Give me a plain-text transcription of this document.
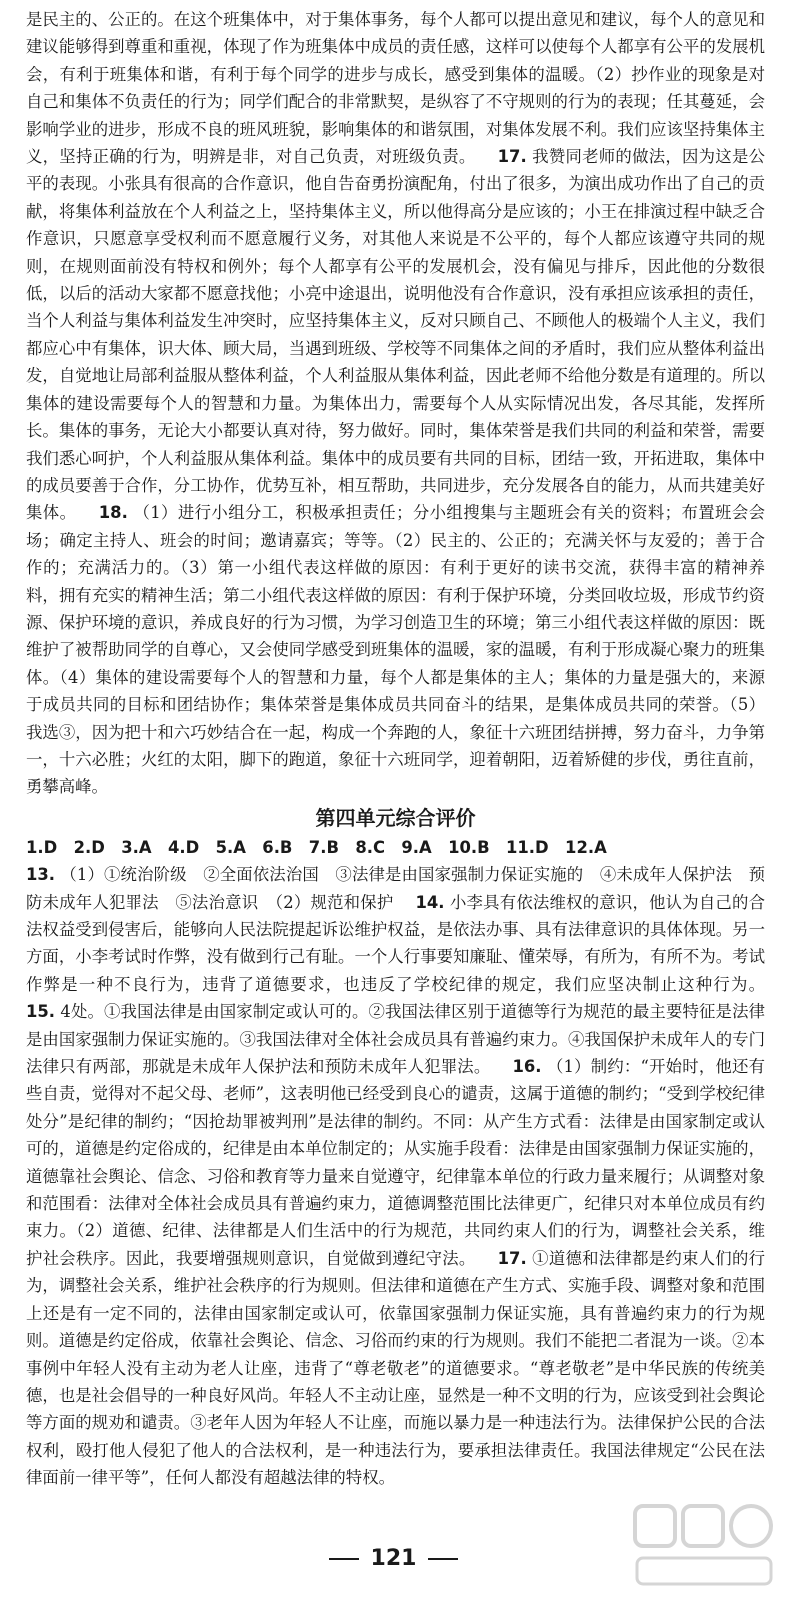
是民主的、公正的。在这个班集体中，对于集体事务，每个人都可以提出意见和建议，每个人的意见和建议能够得到尊重和重视，体现了作为班集体中成员的责任感，这样可以使每个人都享有公平的发展机会，有利于班集体和谐，有利于每个同学的进步与成长，感受到集体的温暖。（2）抄作业的现象是对自己和集体不负责任的行为；同学们配合的非常默契，是纵容了不守规则的行为的表现；任其蔓延，会影响学业的进步，形成不良的班风班貌，影响集体的和谐氛围，对集体发展不利。我们应该坚持集体主义，坚持正确的行为，明辨是非，对自己负责，对班级负责。 　 17. 我赞同老师的做法，因为这是公平的表现。小张具有很高的合作意识，他自告奋勇扮演配角，付出了很多，为演出成功作出了自己的贡献，将集体利益放在个人利益之上，坚持集体主义，所以他得高分是应该的；小王在排演过程中缺乏合作意识，只愿意享受权利而不愿意履行义务，对其他人来说是不公平的，每个人都应该遵守共同的规则，在规则面前没有特权和例外；每个人都享有公平的发展机会，没有偏见与排斥，因此他的分数很低，以后的活动大家都不愿意找他；小亮中途退出，说明他没有合作意识，没有承担应该承担的责任，当个人利益与集体利益发生冲突时，应坚持集体主义，反对只顾自己、不顾他人的极端个人主义，我们都应心中有集体，识大体、顾大局，当遇到班级、学校等不同集体之间的矛盾时，我们应从整体利益出发，自觉地让局部利益服从整体利益，个人利益服从集体利益，因此老师不给他分数是有道理的。所以集体的建设需要每个人的智慧和力量。为集体出力，需要每个人从实际情况出发，各尽其能，发挥所长。集体的事务，无论大小都要认真对待，努力做好。同时，集体荣誉是我们共同的利益和荣誉，需要我们悉心呵护，个人利益服从集体利益。集体中的成员要有共同的目标，团结一致，开拓进取，集体中的成员要善于合作，分工协作，优势互补，相互帮助，共同进步，充分发展各自的能力，从而共建美好集体。 　 18. （1）进行小组分工，积极承担责任；分小组搜集与主题班会有关的资料；布置班会会场；确定主持人、班会的时间；邀请嘉宾；等等。（2）民主的、公正的；充满关怀与友爱的；善于合作的；充满活力的。（3）第一小组代表这样做的原因：有利于更好的读书交流，获得丰富的精神养料，拥有充实的精神生活；第二小组代表这样做的原因：有利于保护环境，分类回收垃圾，形成节约资源、保护环境的意识，养成良好的行为习惯，为学习创造卫生的环境；第三小组代表这样做的原因：既维护了被帮助同学的自尊心，又会使同学感受到班集体的温暖，家的温暖，有利于形成凝心聚力的班集体。（4）集体的建设需要每个人的智慧和力量，每个人都是集体的主人；集体的力量是强大的，来源于成员共同的目标和团结协作；集体荣誉是集体成员共同奋斗的结果，是集体成员共同的荣誉。（5）我选③，因为把十和六巧妙结合在一起，构成一个奔跑的人，象征十六班团结拼搏，努力奋斗，力争第一，十六必胜；火红的太阳，脚下的跑道，象征十六班同学，迎着朝阳，迈着矫健的步伐，勇往直前，勇攀高峰。

第四单元综合评价

1.D　2.D　3.A　4.D　5.A　6.B　7.B　8.C　9.A　10.B　11.D　12.A

13. （1）①统治阶级　②全面依法治国　③法律是由国家强制力保证实施的　④未成年人保护法　预防未成年人犯罪法　⑤法治意识　（2）规范和保护 　 14. 小李具有依法维权的意识，他认为自己的合法权益受到侵害后，能够向人民法院提起诉讼维护权益，是依法办事、具有法律意识的具体体现。另一方面，小李考试时作弊，没有做到行己有耻。一个人行事要知廉耻、懂荣辱，有所为，有所不为。考试作弊是一种不良行为，违背了道德要求，也违反了学校纪律的规定，我们应坚决制止这种行为。 　15. 4处。①我国法律是由国家制定或认可的。②我国法律区别于道德等行为规范的最主要特征是法律是由国家强制力保证实施的。③我国法律对全体社会成员具有普遍约束力。④我国保护未成年人的专门法律只有两部，那就是未成年人保护法和预防未成年人犯罪法。 　 16. （1）制约：“开始时，他还有些自责，觉得对不起父母、老师”，这表明他已经受到良心的谴责，这属于道德的制约；“受到学校纪律处分”是纪律的制约；“因抢劫罪被判刑”是法律的制约。不同：从产生方式看：法律是由国家制定或认可的，道德是约定俗成的，纪律是由本单位制定的；从实施手段看：法律是由国家强制力保证实施的，道德靠社会舆论、信念、习俗和教育等力量来自觉遵守，纪律靠本单位的行政力量来履行；从调整对象和范围看：法律对全体社会成员具有普遍约束力，道德调整范围比法律更广，纪律只对本单位成员有约束力。（2）道德、纪律、法律都是人们生活中的行为规范，共同约束人们的行为，调整社会关系，维护社会秩序。因此，我要增强规则意识，自觉做到遵纪守法。 　 17. ①道德和法律都是约束人们的行为，调整社会关系，维护社会秩序的行为规则。但法律和道德在产生方式、实施手段、调整对象和范围上还是有一定不同的，法律由国家制定或认可，依靠国家强制力保证实施，具有普遍约束力的行为规则。道德是约定俗成，依靠社会舆论、信念、习俗而约束的行为规则。我们不能把二者混为一谈。②本事例中年轻人没有主动为老人让座，违背了“尊老敬老”的道德要求。“尊老敬老”是中华民族的传统美德，也是社会倡导的一种良好风尚。年轻人不主动让座，显然是一种不文明的行为，应该受到社会舆论等方面的规劝和谴责。③老年人因为年轻人不让座，而施以暴力是一种违法行为。法律保护公民的合法权利，殴打他人侵犯了他人的合法权利，是一种违法行为，要承担法律责任。我国法律规定“公民在法律面前一律平等”，任何人都没有超越法律的特权。

121
